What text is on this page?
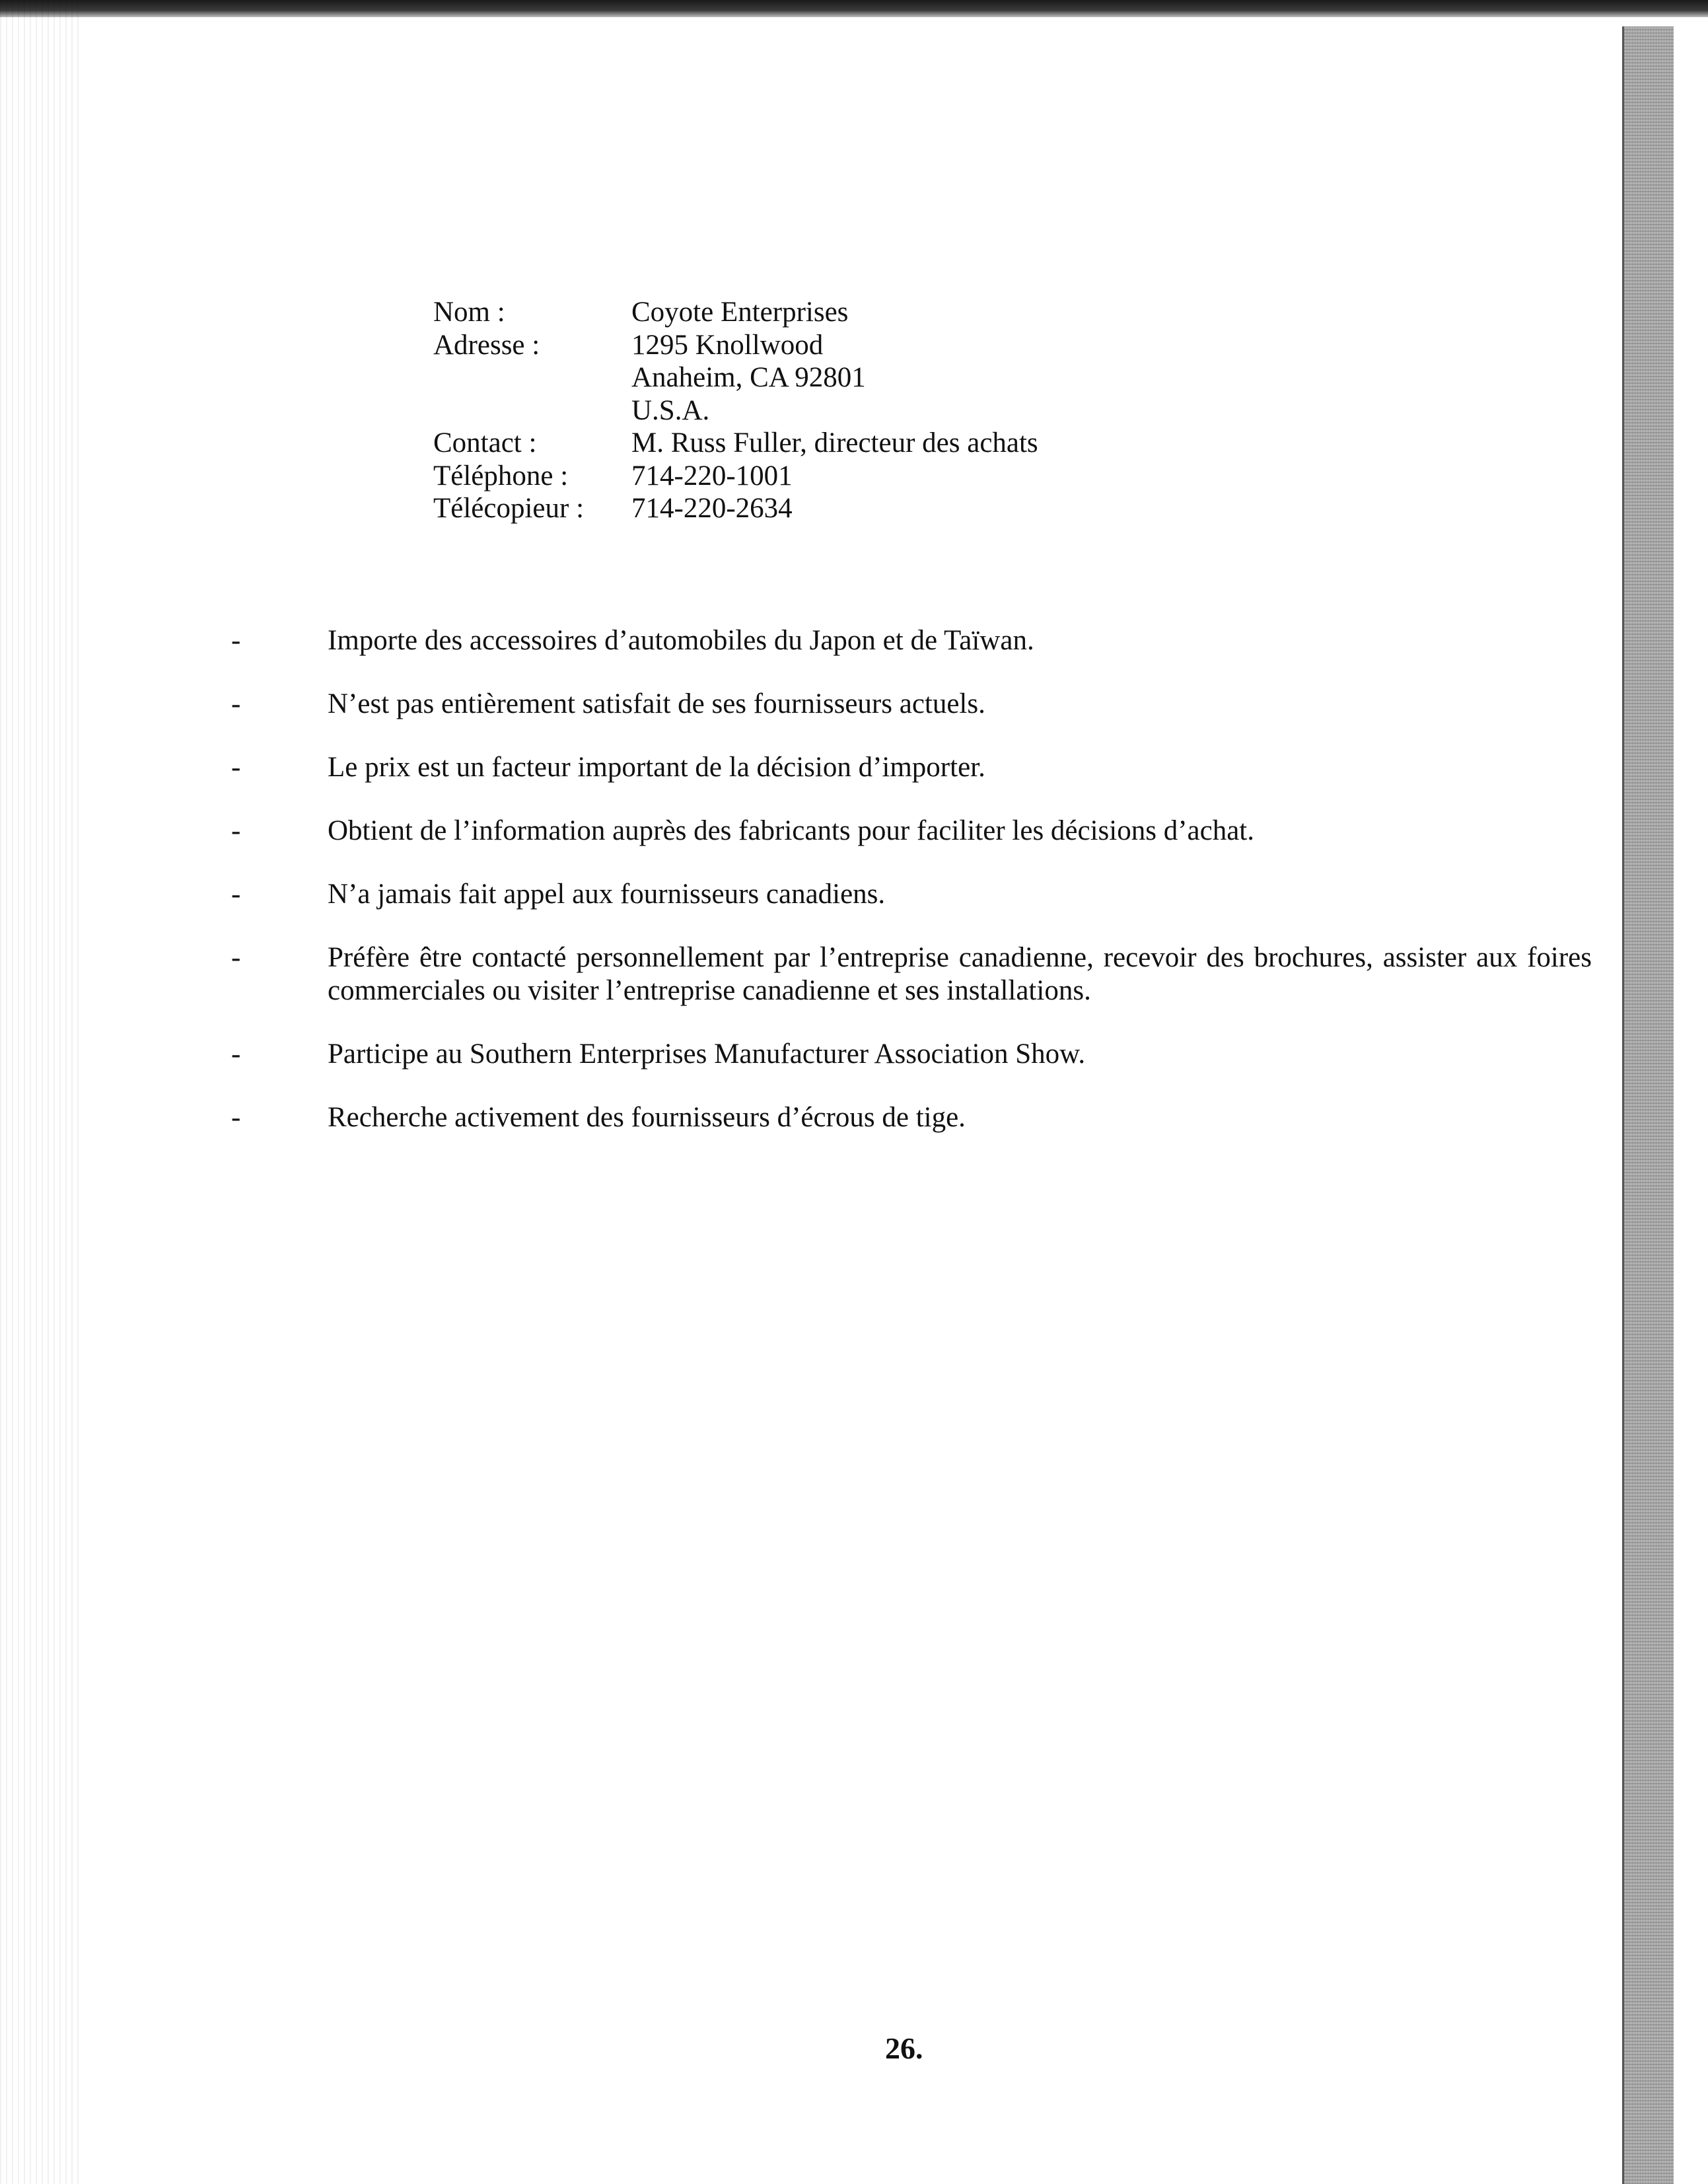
Nom :	Coyote Enterprises
Adresse :	1295 Knollwood
Anaheim, CA 92801
U.S.A.
Contact :	M. Russ Fuller, directeur des achats
Téléphone :	714-220-1001
Télécopieur :	714-220-2634
-	Importe des accessoires d’automobiles du Japon et de Taïwan.
-	N’est pas entièrement satisfait de ses fournisseurs actuels.
-	Le prix est un facteur important de la décision d’importer.
-	Obtient de l’information auprès des fabricants pour faciliter les décisions d’achat.
-	N’a jamais fait appel aux fournisseurs canadiens.
-	Préfère être contacté personnellement par l’entreprise canadienne, recevoir des brochures, assister aux foires commerciales ou visiter l’entreprise canadienne et ses installations.
-	Participe au Southern Enterprises Manufacturer Association Show.
-	Recherche activement des fournisseurs d’écrous de tige.
26.
